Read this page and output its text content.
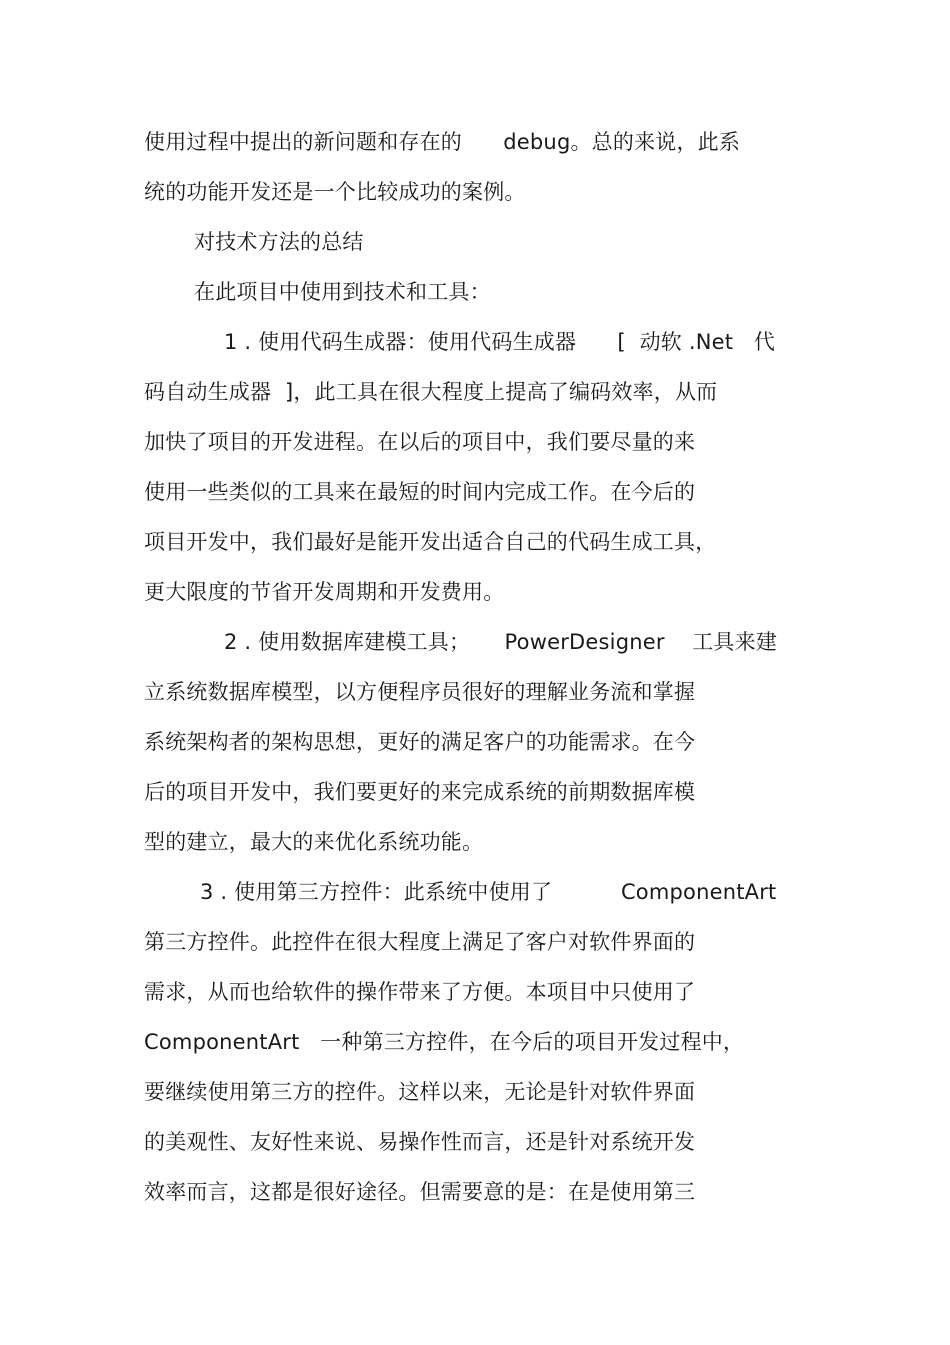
使用过程中提出的新问题和存在的      debug。总的来说，此系
统的功能开发还是一个比较成功的案例。
对技术方法的总结
在此项目中使用到技术和工具：
1 . 使用代码生成器：使用代码生成器      [  动软 .Net   代
码自动生成器  ]，此工具在很大程度上提高了编码效率，从而
加快了项目的开发进程。在以后的项目中，我们要尽量的来
使用一些类似的工具来在最短的时间内完成工作。在今后的
项目开发中，我们最好是能开发出适合自己的代码生成工具，
更大限度的节省开发周期和开发费用。
2 . 使用数据库建模工具；     PowerDesigner    工具来建
立系统数据库模型，以方便程序员很好的理解业务流和掌握
系统架构者的架构思想，更好的满足客户的功能需求。在今
后的项目开发中，我们要更好的来完成系统的前期数据库模
型的建立，最大的来优化系统功能。
3 . 使用第三方控件：此系统中使用了          ComponentArt
第三方控件。此控件在很大程度上满足了客户对软件界面的
需求，从而也给软件的操作带来了方便。本项目中只使用了
ComponentArt   一种第三方控件，在今后的项目开发过程中，
要继续使用第三方的控件。这样以来，无论是针对软件界面
的美观性、友好性来说、易操作性而言，还是针对系统开发
效率而言，这都是很好途径。但需要意的是：在是使用第三
